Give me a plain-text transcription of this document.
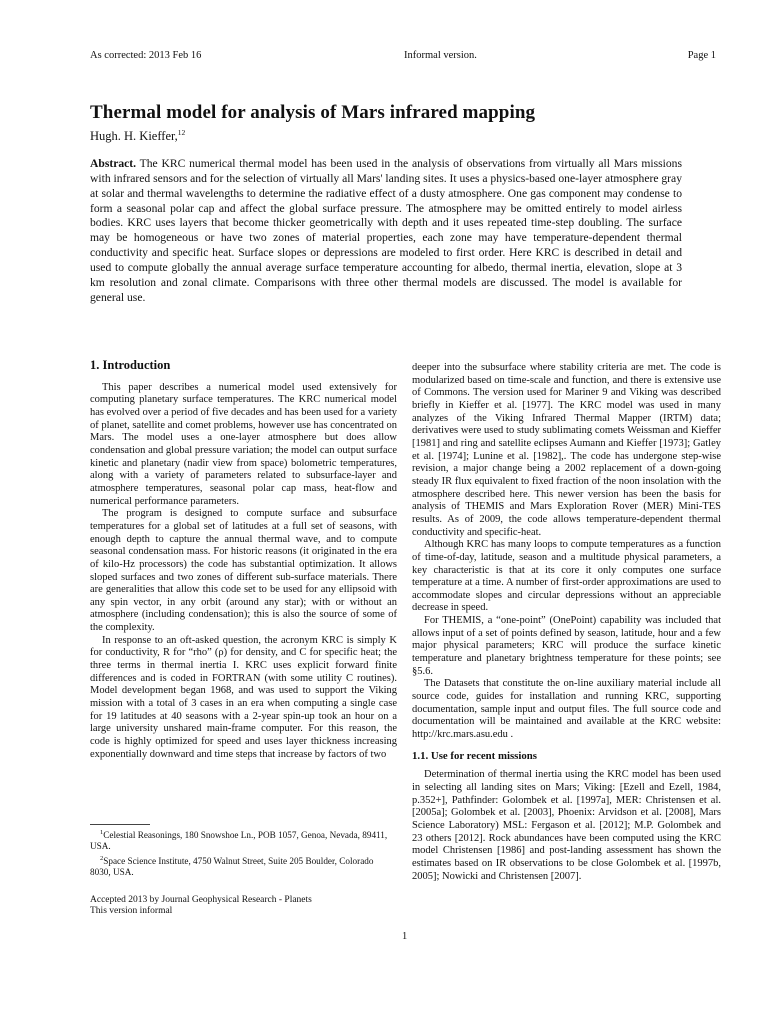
As corrected: 2013 Feb 16	Informal version.	Page 1
Thermal model for analysis of Mars infrared mapping
Hugh. H. Kieffer,$^{12}$

Abstract. The KRC numerical thermal model has been used in the analysis of observations from virtually all Mars missions with infrared sensors and for the selection of virtually all Mars' landing sites. It uses a physics-based one-layer atmosphere gray at solar and thermal wavelengths to determine the radiative effect of a dusty atmosphere. One gas component may condense to form a seasonal polar cap and affect the global surface pressure. The atmosphere may be omitted entirely to model airless bodies. KRC uses layers that become thicker geometrically with depth and it uses repeated time-step doubling. The surface may be homogeneous or have two zones of material properties, each zone may have temperature-dependent thermal conductivity and specific heat. Surface slopes or depressions are modeled to first order. Here KRC is described in detail and used to compute globally the annual average surface temperature accounting for albedo, thermal inertia, elevation, slope at 3 km resolution and zonal climate. Comparisons with three other thermal models are discussed. The model is available for general use.

1. Introduction

This paper describes a numerical model used extensively for computing planetary surface temperatures. The KRC numerical model has evolved over a period of five decades and has been used for a variety of planet, satellite and comet problems, however use has concentrated on Mars. The model uses a one-layer atmosphere but does allow condensation and global pressure variation; the model can output surface kinetic and planetary (nadir view from space) bolometric temperatures, along with a variety of parameters related to subsurface-layer and atmosphere temperatures, seasonal polar cap mass, heat-flow and numerical performance parameters.

The program is designed to compute surface and subsurface temperatures for a global set of latitudes at a full set of seasons, with enough depth to capture the annual thermal wave, and to compute seasonal condensation mass. For historic reasons (it originated in the era of kilo-Hz processors) the code has substantial optimization. It allows sloped surfaces and two zones of different sub-surface materials. There are generalities that allow this code set to be used for any ellipsoid with any spin vector, in any orbit (around any star); with or without an atmosphere (including condensation); this is also the source of some of the complexity.

In response to an oft-asked question, the acronym KRC is simply K for conductivity, R for “rho” (ρ) for density, and C for specific heat; the three terms in thermal inertia I. KRC uses explicit forward finite differences and is coded in FORTRAN (with some utility C routines). Model development began 1968, and was used to support the Viking mission with a total of 3 cases in an era when computing a single case for 19 latitudes at 40 seasons with a 2-year spin-up took an hour on a large university unshared main-frame computer. For this reason, the code is highly optimized for speed and uses layer thickness increasing exponentially downward and time steps that increase by factors of two

deeper into the subsurface where stability criteria are met. The code is modularized based on time-scale and function, and there is extensive use of Commons. The version used for Mariner 9 and Viking was described briefly in Kieffer et al. [1977]. The KRC model was used in many analyzes of the Viking Infrared Thermal Mapper (IRTM) data; derivatives were used to study sublimating comets Weissman and Kieffer [1981] and ring and satellite eclipses Aumann and Kieffer [1973]; Gatley et al. [1974]; Lunine et al. [1982],. The code has undergone step-wise revision, a major change being a 2002 replacement of a down-going steady IR flux equivalent to fixed fraction of the noon insolation with the atmosphere described here. This newer version has been the basis for analysis of THEMIS and Mars Exploration Rover (MER) Mini-TES results. As of 2009, the code allows temperature-dependent thermal conductivity and specific-heat.

Although KRC has many loops to compute temperatures as a function of time-of-day, latitude, season and a multitude physical parameters, a key characteristic is that at its core it only computes one surface temperature at a time. A number of first-order approximations are used to accommodate slopes and circular depressions without an appreciable decrease in speed.

For THEMIS, a “one-point” (OnePoint) capability was included that allows input of a set of points defined by season, latitude, hour and a few major physical parameters; KRC will produce the surface kinetic temperature and planetary brightness temperature for these points; see §5.6.

The Datasets that constitute the on-line auxiliary material include all source code, guides for installation and running KRC, supporting documentation, sample input and output files. The full source code and documentation will be maintained and available at the KRC website: http://krc.mars.asu.edu .

1.1. Use for recent missions

Determination of thermal inertia using the KRC model has been used in selecting all landing sites on Mars; Viking: [Ezell and Ezell, 1984, p.352+], Pathfinder: Golombek et al. [1997a], MER: Christensen et al. [2005a]; Golombek et al. [2003], Phoenix: Arvidson et al. [2008], Mars Science Laboratory) MSL: Fergason et al. [2012]; M.P. Golombek and 23 others [2012]. Rock abundances have been computed using the KRC model Christensen [1986] and post-landing assessment has shown the estimates based on IR observations to be close Golombek et al. [1997b, 2005]; Nowicki and Christensen [2007].

$^1$Celestial Reasonings, 180 Snowshoe Ln., POB 1057, Genoa, Nevada, 89411, USA.

$^2$Space Science Institute, 4750 Walnut Street, Suite 205 Boulder, Colorado 8030, USA.

Accepted 2013 by Journal Geophysical Research - Planets
This version informal
1
